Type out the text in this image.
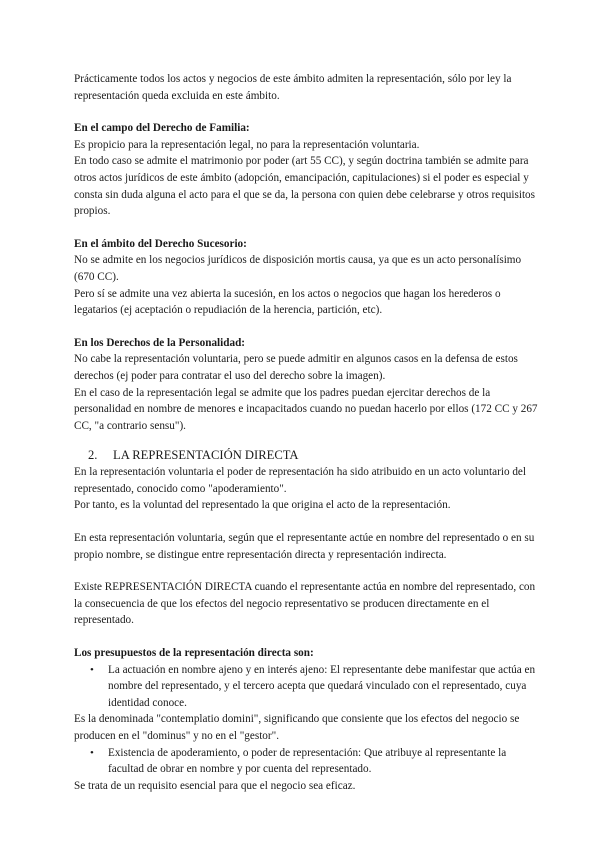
Prácticamente todos los actos y negocios de este ámbito admiten la representación, sólo por ley la representación queda excluida en este ámbito.

En el campo del Derecho de Familia:

Es propicio para la representación legal, no para la representación voluntaria.

En todo caso se admite el matrimonio por poder (art 55 CC), y según doctrina también se admite para otros actos jurídicos de este ámbito (adopción, emancipación, capitulaciones) si el poder es especial y consta sin duda alguna el acto para el que se da, la persona con quien debe celebrarse y otros requisitos propios.

En el ámbito del Derecho Sucesorio:

No se admite en los negocios jurídicos de disposición mortis causa, ya que es un acto personalísimo (670 CC).

Pero sí se admite una vez abierta la sucesión, en los actos o negocios que hagan los herederos o legatarios (ej aceptación o repudiación de la herencia, partición, etc).

En los Derechos de la Personalidad:

No cabe la representación voluntaria, pero se puede admitir en algunos casos en la defensa de estos derechos (ej poder para contratar el uso del derecho sobre la imagen).

En el caso de la representación legal se admite que los padres puedan ejercitar derechos de la personalidad en nombre de menores e incapacitados cuando no puedan hacerlo por ellos (172 CC y 267 CC, "a contrario sensu").

2. LA REPRESENTACIÓN DIRECTA

En la representación voluntaria el poder de representación ha sido atribuido en un acto voluntario del representado, conocido como "apoderamiento".

Por tanto, es la voluntad del representado la que origina el acto de la representación.

En esta representación voluntaria, según que el representante actúe en nombre del representado o en su propio nombre, se distingue entre representación directa y representación indirecta.

Existe REPRESENTACIÓN DIRECTA cuando el representante actúa en nombre del representado, con la consecuencia de que los efectos del negocio representativo se producen directamente en el representado.

Los presupuestos de la representación directa son:

• La actuación en nombre ajeno y en interés ajeno: El representante debe manifestar que actúa en nombre del representado, y el tercero acepta que quedará vinculado con el representado, cuya identidad conoce.

Es la denominada "contemplatio domini", significando que consiente que los efectos del negocio se producen en el "dominus" y no en el "gestor".

• Existencia de apoderamiento, o poder de representación: Que atribuye al representante la facultad de obrar en nombre y por cuenta del representado.

Se trata de un requisito esencial para que el negocio sea eficaz.
